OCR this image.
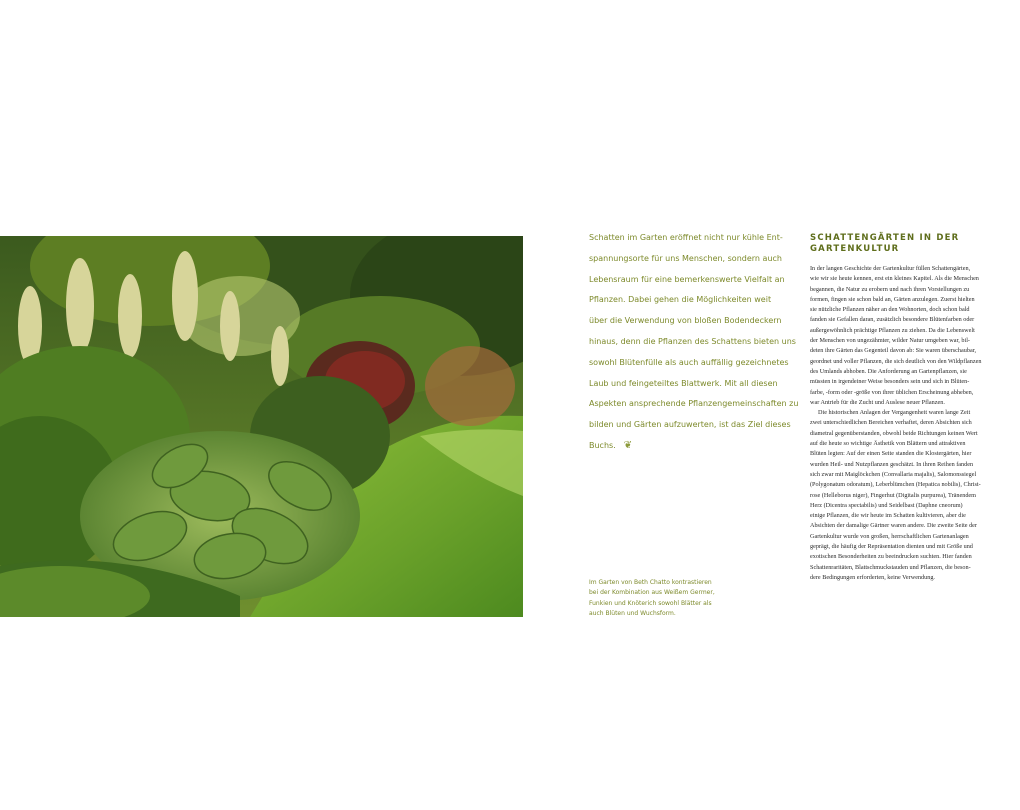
Schatten im Garten eröffnet nicht nur kühle Ent-
spannungsorte für uns Menschen, sondern auch
Lebensraum für eine bemerkenswerte Vielfalt an
Pflanzen. Dabei gehen die Möglichkeiten weit
über die Verwendung von bloßen Bodendeckern
hinaus, denn die Pflanzen des Schattens bieten uns
sowohl Blütenfülle als auch auffällig gezeichnetes
Laub und feingeteiltes Blattwerk. Mit all diesen
Aspekten ansprechende Pflanzengemeinschaften zu
bilden und Gärten aufzuwerten, ist das Ziel dieses
Buchs. ❦
Im Garten von Beth Chatto kontrastieren
bei der Kombination aus Weißem Germer,
Funkien und Knöterich sowohl Blätter als
auch Blüten und Wuchsform.
SCHATTENGÄRTEN IN DER
GARTENKULTUR
In der langen Geschichte der Gartenkultur füllen Schattengärten,
wie wir sie heute kennen, erst ein kleines Kapitel. Als die Menschen
begannen, die Natur zu erobern und nach ihren Vorstellungen zu
formen, fingen sie schon bald an, Gärten anzulegen. Zuerst hielten
sie nützliche Pflanzen näher an den Wohnorten, doch schon bald
fanden sie Gefallen daran, zusätzlich besondere Blütenfarben oder
außergewöhnlich prächtige Pflanzen zu ziehen. Da die Lebenswelt
der Menschen von ungezähmter, wilder Natur umgeben war, bil-
deten ihre Gärten das Gegenteil davon ab: Sie waren überschaubar,
geordnet und voller Pflanzen, die sich deutlich von den Wildpflanzen
des Umlands abhoben. Die Anforderung an Gartenpflanzen, sie
müssten in irgendeiner Weise besonders sein und sich in Blüten-
farbe, -form oder -größe von ihrer üblichen Erscheinung abheben,
war Antrieb für die Zucht und Auslese neuer Pflanzen.
Die historischen Anlagen der Vergangenheit waren lange Zeit
zwei unterschiedlichen Bereichen verhaftet, deren Absichten sich
diametral gegenüberstanden, obwohl beide Richtungen keinen Wert
auf die heute so wichtige Ästhetik von Blättern und attraktiven
Blüten legten: Auf der einen Seite standen die Klostergärten, hier
wurden Heil- und Nutzpflanzen geschätzt. In ihren Reihen fanden
sich zwar mit Maiglöckchen (Convallaria majalis), Salomonssiegel
(Polygonatum odoratum), Leberblümchen (Hepatica nobilis), Christ-
rose (Helleborus niger), Fingerhut (Digitalis purpurea), Tränendem
Herz (Dicentra spectabilis) und Seidelbast (Daphne cneorum)
einige Pflanzen, die wir heute im Schatten kultivieren, aber die
Absichten der damalige Gärtner waren andere. Die zweite Seite der
Gartenkultur wurde von großen, herrschaftlichen Gartenanlagen
geprägt, die häufig der Repräsentation dienten und mit Größe und
exotischen Besonderheiten zu beeindrucken suchten. Hier fanden
Schattenraritäten, Blattschmuckstauden und Pflanzen, die beson-
dere Bedingungen erforderten, keine Verwendung.
